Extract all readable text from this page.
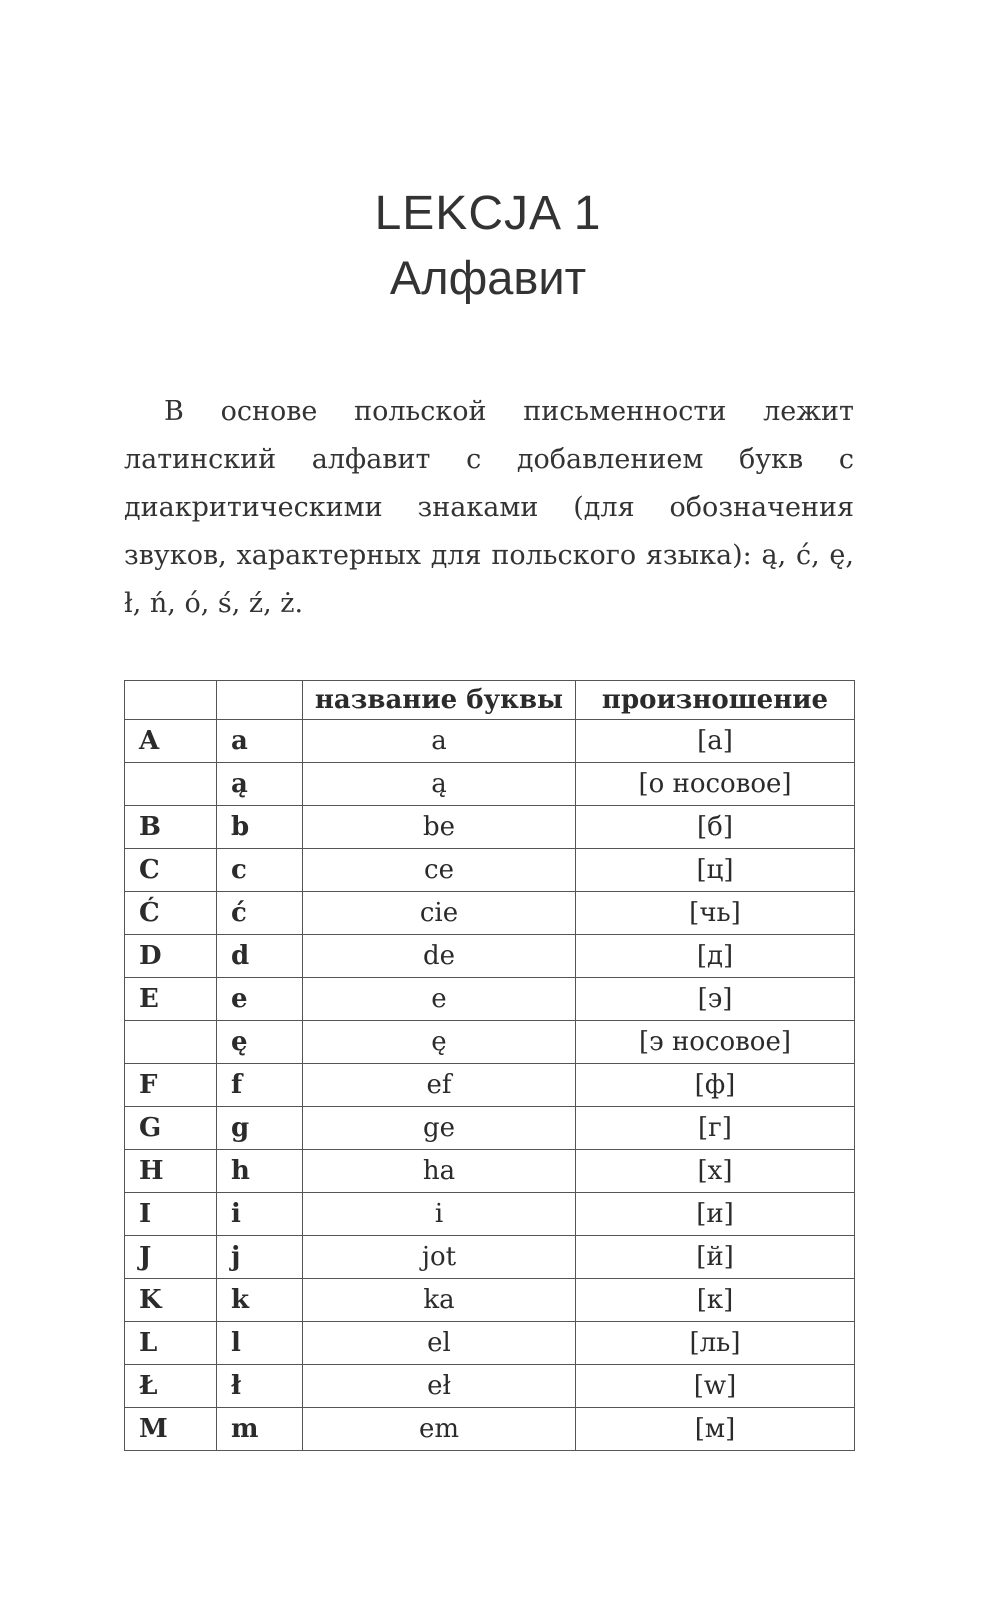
LEKCJA 1
Алфавит

В основе польской письменности лежит латинский алфавит с добавлением букв с диакритическими знаками (для обозначения звуков, характерных для польского языка): ą, ć, ę, ł, ń, ó, ś, ź, ż.

		название буквы	произношение
A	a	a	[а]
	ą	ą	[о носовое]
B	b	be	[б]
C	c	ce	[ц]
Ć	ć	cie	[чь]
D	d	de	[д]
E	e	e	[э]
	ę	ę	[э носовое]
F	f	ef	[ф]
G	g	ge	[г]
H	h	ha	[х]
I	i	i	[и]
J	j	jot	[й]
K	k	ka	[к]
L	l	el	[ль]
Ł	ł	eł	[w]
M	m	em	[м]
